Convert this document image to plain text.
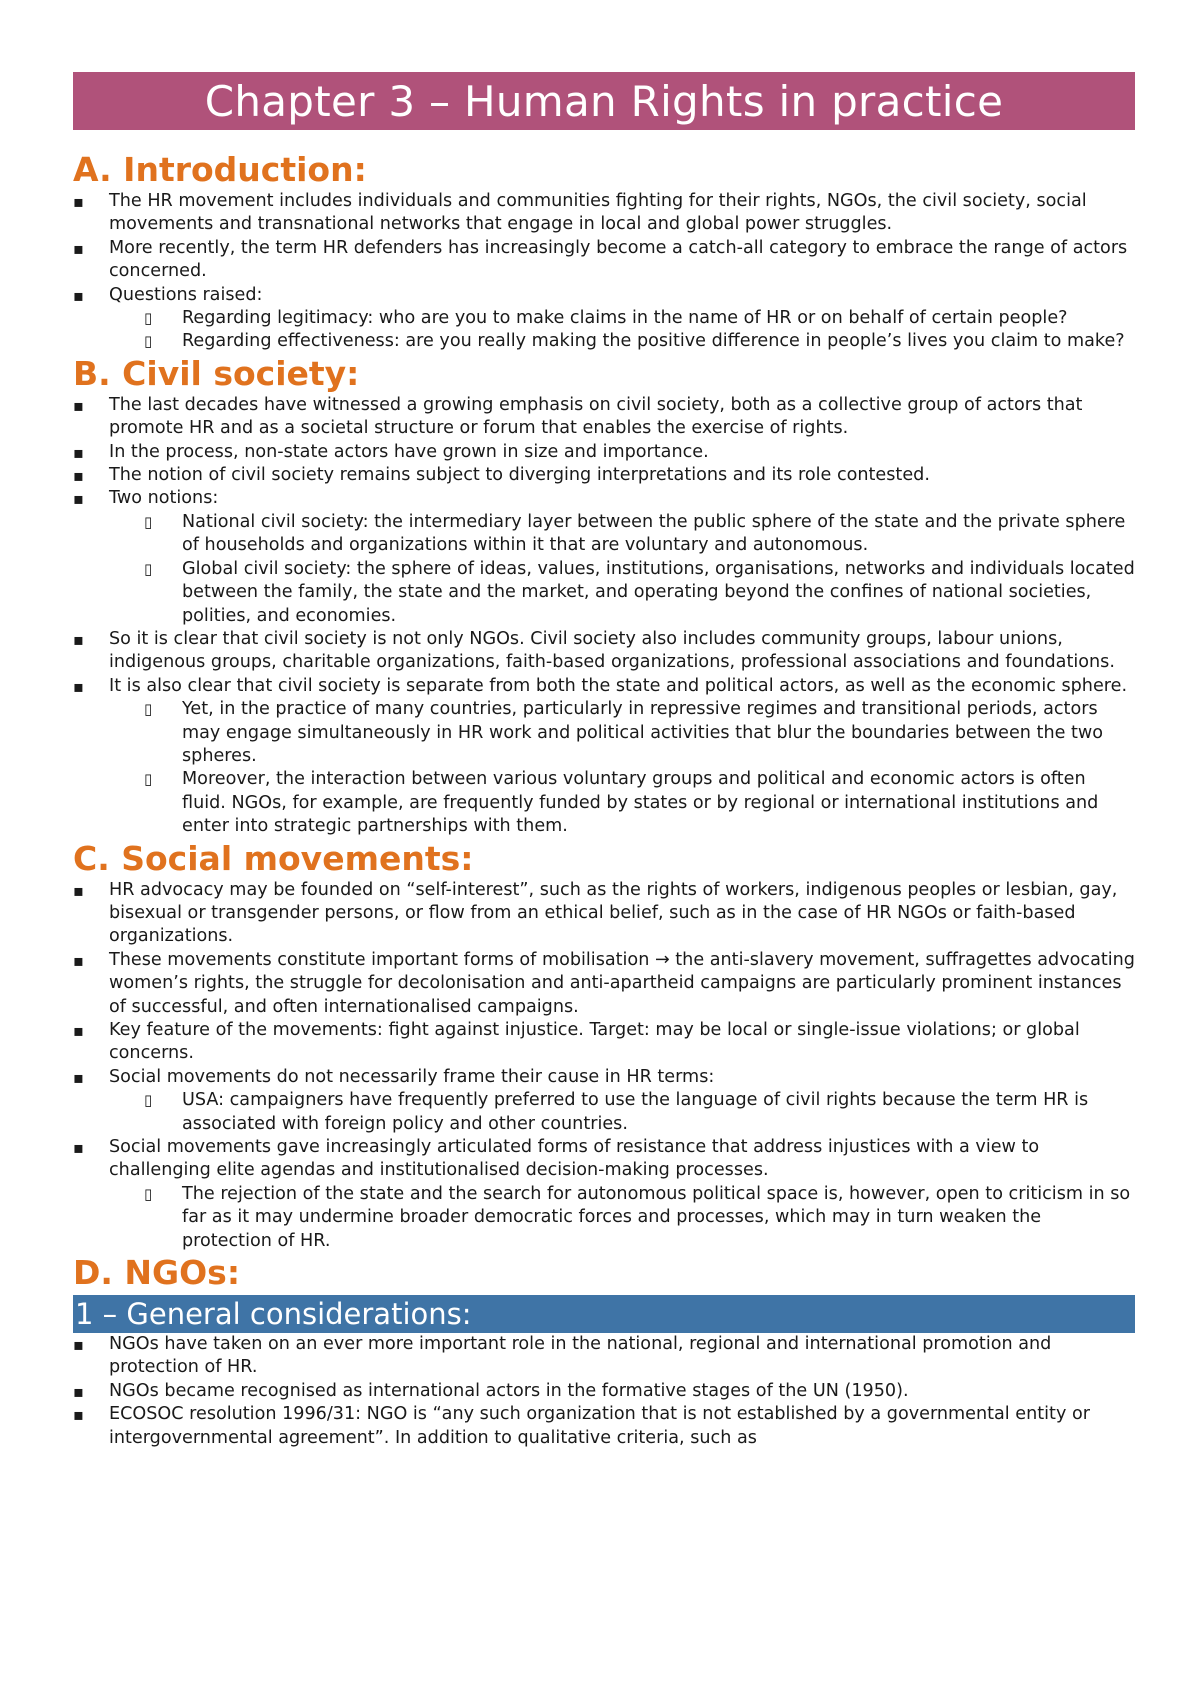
Chapter 3 – Human Rights in practice
A. Introduction:
▪ The HR movement includes individuals and communities fighting for their rights, NGOs, the civil society, social movements and transnational networks that engage in local and global power struggles.
▪ More recently, the term HR defenders has increasingly become a catch-all category to embrace the range of actors concerned.
▪ Questions raised:
▯ Regarding legitimacy: who are you to make claims in the name of HR or on behalf of certain people?
▯ Regarding effectiveness: are you really making the positive difference in people’s lives you claim to make?
B. Civil society:
▪ The last decades have witnessed a growing emphasis on civil society, both as a collective group of actors that promote HR and as a societal structure or forum that enables the exercise of rights.
▪ In the process, non-state actors have grown in size and importance.
▪ The notion of civil society remains subject to diverging interpretations and its role contested.
▪ Two notions:
▯ National civil society: the intermediary layer between the public sphere of the state and the private sphere of households and organizations within it that are voluntary and autonomous.
▯ Global civil society: the sphere of ideas, values, institutions, organisations, networks and individuals located between the family, the state and the market, and operating beyond the confines of national societies, polities, and economies.
▪ So it is clear that civil society is not only NGOs. Civil society also includes community groups, labour unions, indigenous groups, charitable organizations, faith-based organizations, professional associations and foundations.
▪ It is also clear that civil society is separate from both the state and political actors, as well as the economic sphere.
▯ Yet, in the practice of many countries, particularly in repressive regimes and transitional periods, actors may engage simultaneously in HR work and political activities that blur the boundaries between the two spheres.
▯ Moreover, the interaction between various voluntary groups and political and economic actors is often fluid. NGOs, for example, are frequently funded by states or by regional or international institutions and enter into strategic partnerships with them.
C. Social movements:
▪ HR advocacy may be founded on “self-interest”, such as the rights of workers, indigenous peoples or lesbian, gay, bisexual or transgender persons, or flow from an ethical belief, such as in the case of HR NGOs or faith-based organizations.
▪ These movements constitute important forms of mobilisation → the anti-slavery movement, suffragettes advocating women’s rights, the struggle for decolonisation and anti-apartheid campaigns are particularly prominent instances of successful, and often internationalised campaigns.
▪ Key feature of the movements: fight against injustice. Target: may be local or single-issue violations; or global concerns.
▪ Social movements do not necessarily frame their cause in HR terms:
▯ USA: campaigners have frequently preferred to use the language of civil rights because the term HR is associated with foreign policy and other countries.
▪ Social movements gave increasingly articulated forms of resistance that address injustices with a view to challenging elite agendas and institutionalised decision-making processes.
▯ The rejection of the state and the search for autonomous political space is, however, open to criticism in so far as it may undermine broader democratic forces and processes, which may in turn weaken the protection of HR.
D. NGOs:
1 – General considerations:
▪ NGOs have taken on an ever more important role in the national, regional and international promotion and protection of HR.
▪ NGOs became recognised as international actors in the formative stages of the UN (1950).
▪ ECOSOC resolution 1996/31: NGO is “any such organization that is not established by a governmental entity or intergovernmental agreement”. In addition to qualitative criteria, such as
